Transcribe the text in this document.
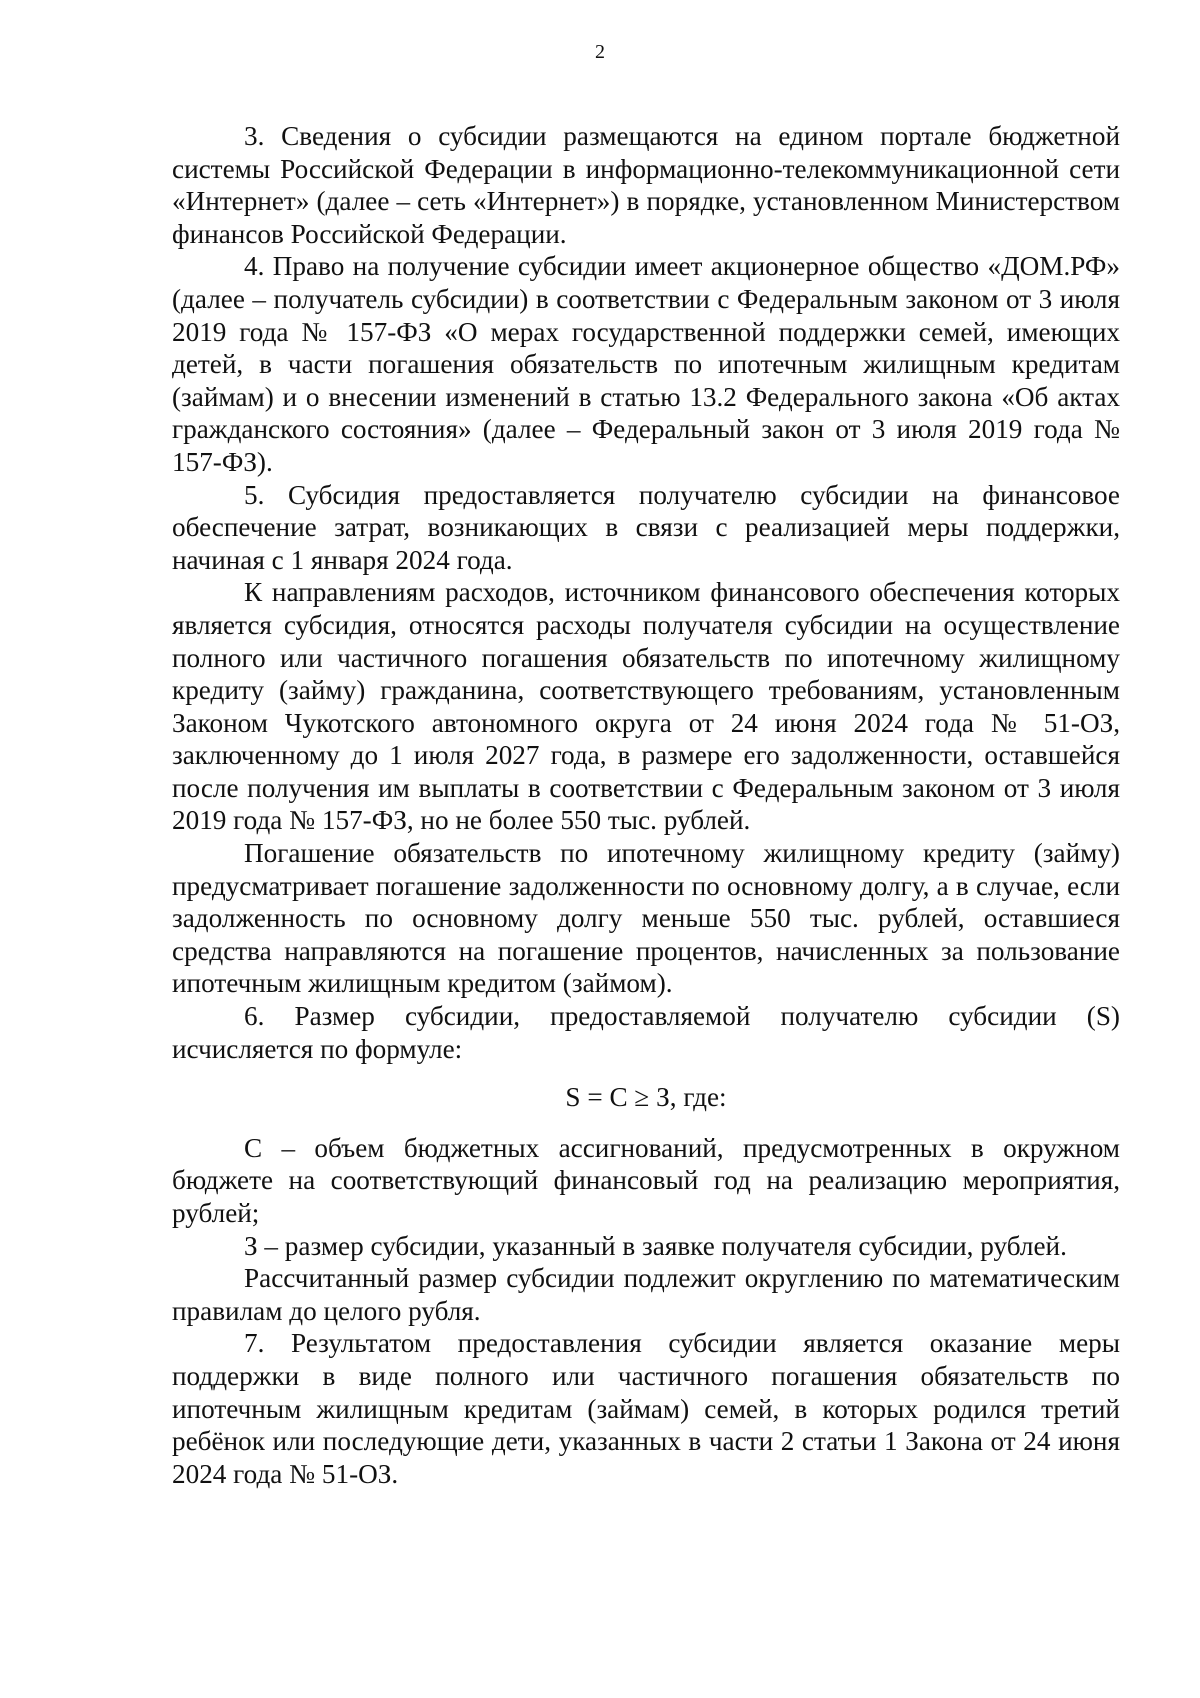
2

3. Сведения о субсидии размещаются на едином портале бюджетной системы Российской Федерации в информационно-телекоммуникационной сети «Интернет» (далее – сеть «Интернет») в порядке, установленном Министерством финансов Российской Федерации.

4. Право на получение субсидии имеет акционерное общество «ДОМ.РФ» (далее – получатель субсидии) в соответствии с Федеральным законом от 3 июля 2019 года № 157-ФЗ «О мерах государственной поддержки семей, имеющих детей, в части погашения обязательств по ипотечным жилищным кредитам (займам) и о внесении изменений в статью 13.2 Федерального закона «Об актах гражданского состояния» (далее – Федеральный закон от 3 июля 2019 года № 157-ФЗ).

5. Субсидия предоставляется получателю субсидии на финансовое обеспечение затрат, возникающих в связи с реализацией меры поддержки, начиная с 1 января 2024 года.

К направлениям расходов, источником финансового обеспечения которых является субсидия, относятся расходы получателя субсидии на осуществление полного или частичного погашения обязательств по ипотечному жилищному кредиту (займу) гражданина, соответствующего требованиям, установленным Законом Чукотского автономного округа от 24 июня 2024 года № 51-ОЗ, заключенному до 1 июля 2027 года, в размере его задолженности, оставшейся после получения им выплаты в соответствии с Федеральным законом от 3 июля 2019 года № 157-ФЗ, но не более 550 тыс. рублей.

Погашение обязательств по ипотечному жилищному кредиту (займу) предусматривает погашение задолженности по основному долгу, а в случае, если задолженность по основному долгу меньше 550 тыс. рублей, оставшиеся средства направляются на погашение процентов, начисленных за пользование ипотечным жилищным кредитом (займом).

6. Размер субсидии, предоставляемой получателю субсидии (S) исчисляется по формуле:

S = C ≥ З, где:

С – объем бюджетных ассигнований, предусмотренных в окружном бюджете на соответствующий финансовый год на реализацию мероприятия, рублей;

З – размер субсидии, указанный в заявке получателя субсидии, рублей.

Рассчитанный размер субсидии подлежит округлению по математическим правилам до целого рубля.

7. Результатом предоставления субсидии является оказание меры поддержки в виде полного или частичного погашения обязательств по ипотечным жилищным кредитам (займам) семей, в которых родился третий ребёнок или последующие дети, указанных в части 2 статьи 1 Закона от 24 июня 2024 года № 51-ОЗ.
